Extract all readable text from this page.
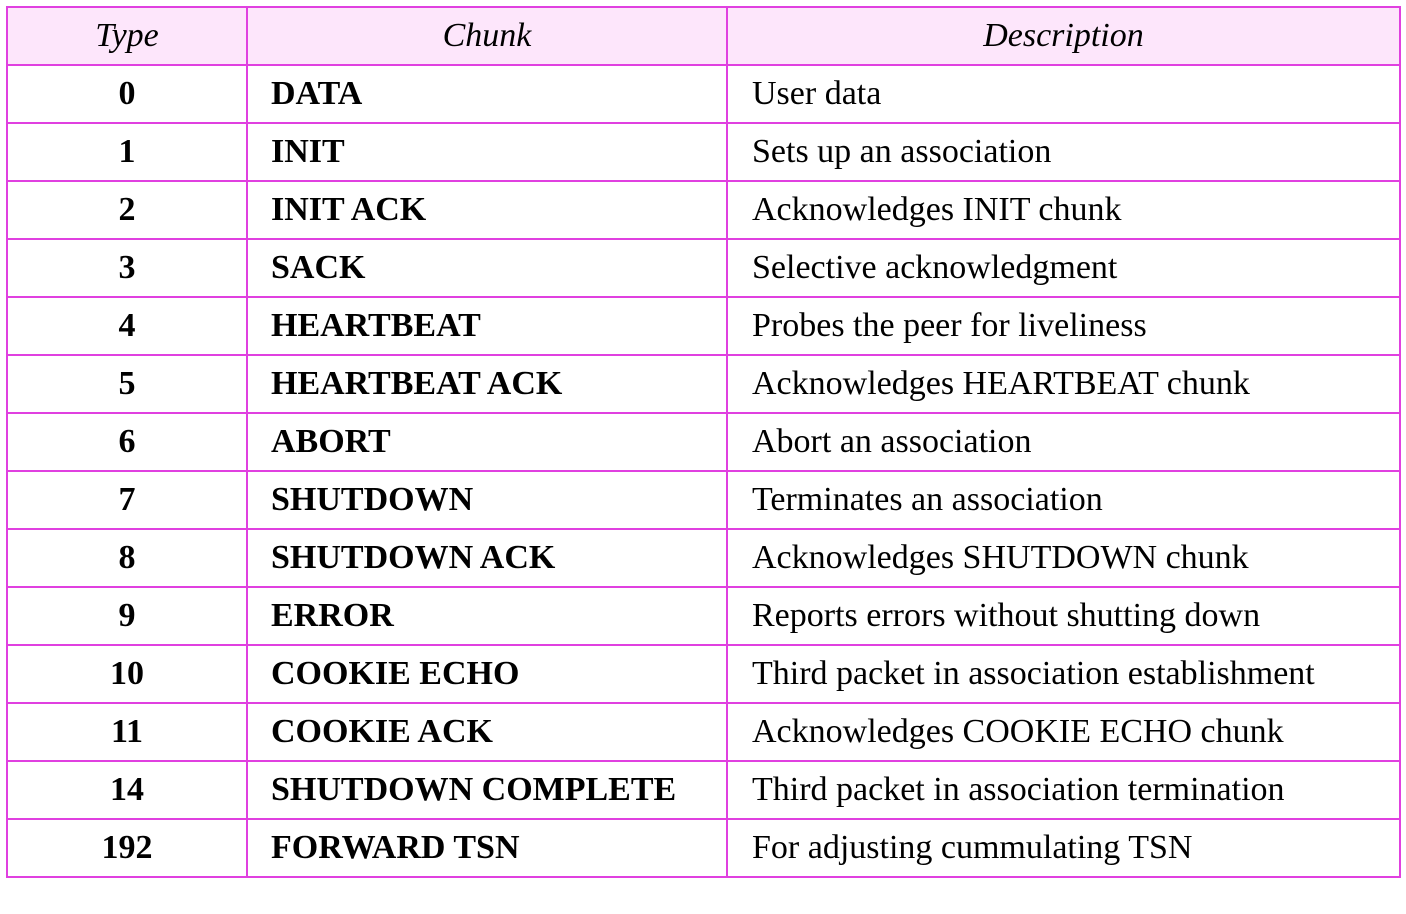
Type	Chunk	Description
0	DATA	User data
1	INIT	Sets up an association
2	INIT ACK	Acknowledges INIT chunk
3	SACK	Selective acknowledgment
4	HEARTBEAT	Probes the peer for liveliness
5	HEARTBEAT ACK	Acknowledges HEARTBEAT chunk
6	ABORT	Abort an association
7	SHUTDOWN	Terminates an association
8	SHUTDOWN ACK	Acknowledges SHUTDOWN chunk
9	ERROR	Reports errors without shutting down
10	COOKIE ECHO	Third packet in association establishment
11	COOKIE ACK	Acknowledges COOKIE ECHO chunk
14	SHUTDOWN COMPLETE	Third packet in association termination
192	FORWARD TSN	For adjusting cummulating TSN
